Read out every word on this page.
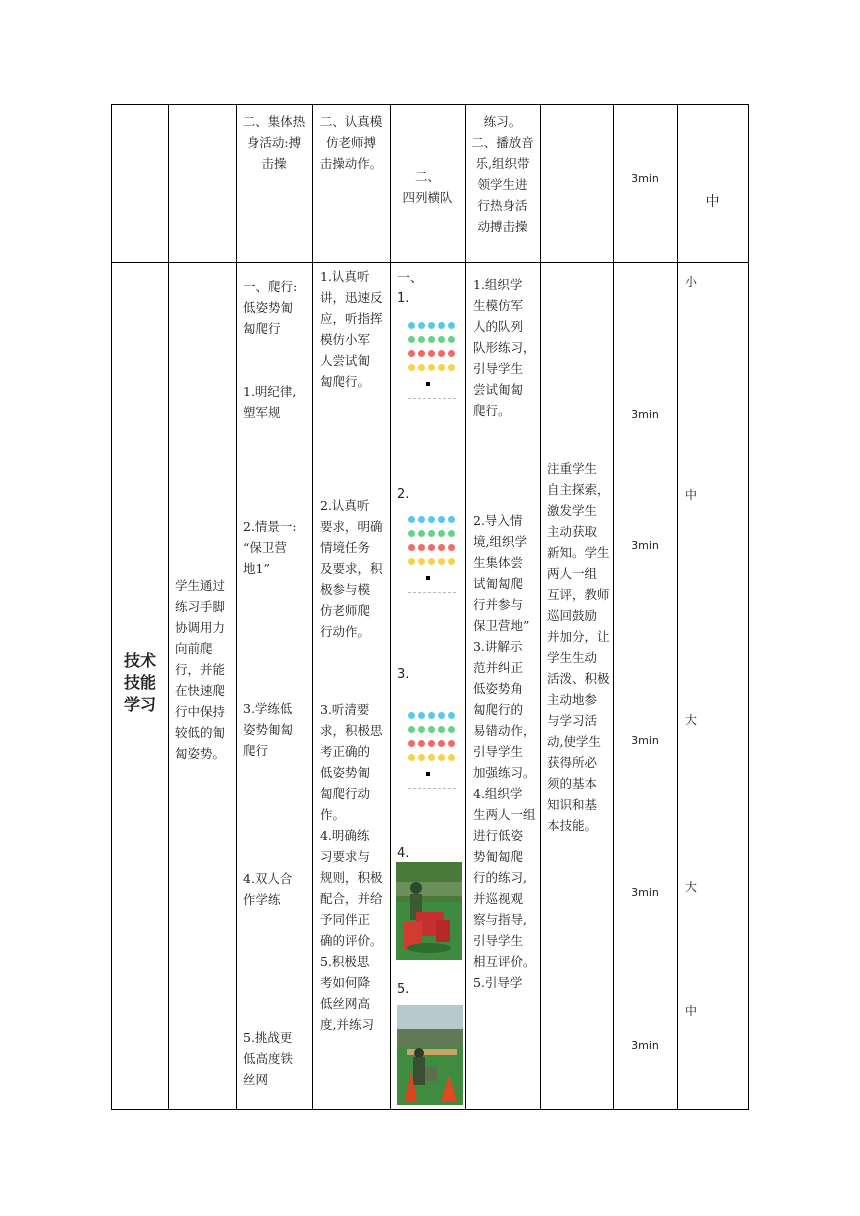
二、集体热
身活动:搏
击操
二、认真模
仿老师搏
击操动作。
二、
四列横队
练习。
二、播放音
乐,组织带
领学生进
行热身活
动搏击操
3min
中
技术
技能
学习
学生通过
练习手脚
协调用力
向前爬
行，并能
在快速爬
行中保持
较低的匍
匐姿势。
一、爬行:
低姿势匍
匐爬行
1.明纪律,
塑军规
2.情景一:
“保卫营
地1”
3.学练低
姿势匍匐
爬行
4.双人合
作学练
5.挑战更
低高度铁
丝网
1.认真听
讲，迅速反
应，听指挥
模仿小军
人尝试匍
匐爬行。
2.认真听
要求，明确
情境任务
及要求，积
极参与模
仿老师爬
行动作。
3.听清要
求，积极思
考正确的
低姿势匍
匐爬行动
作。
4.明确练
习要求与
规则，积极
配合，并给
予同伴正
确的评价。
5.积极思
考如何降
低丝网高
度,并练习
一、
1.
2.
3.
4.
5.
1.组织学
生模仿军
人的队列
队形练习，
引导学生
尝试匍匐
爬行。
2.导入情
境,组织学
生集体尝
试匍匐爬
行并参与
保卫营地”
3.讲解示
范并纠正
低姿势角
匐爬行的
易错动作，
引导学生
加强练习。
4.组织学
生两人一组
进行低姿
势匍匐爬
行的练习,
并巡视观
察与指导,
引导学生
相互评价。
5.引导学
注重学生
自主探索，
激发学生
主动获取
新知。学生
两人一组
互评，教师
巡回鼓励
并加分，让
学生生动
活泼、积极
主动地参
与学习活
动,使学生
获得所必
须的基本
知识和基
本技能。
3min
3min
3min
3min
3min
小
中
大
大
中
